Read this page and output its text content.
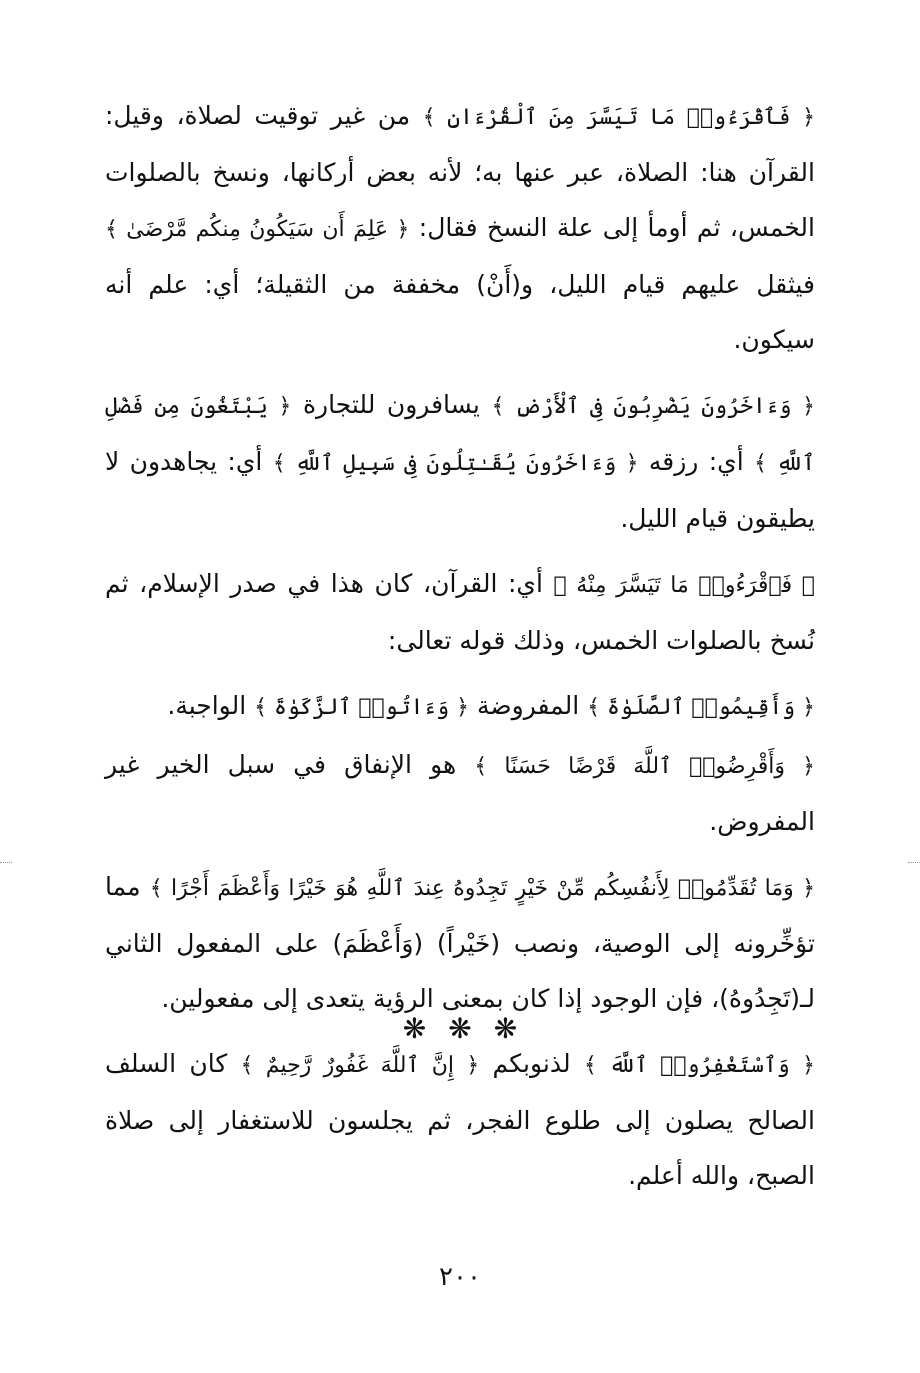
﴿ فَٱقْرَءُوا۟ مَا تَيَسَّرَ مِنَ ٱلْقُرْءَانِ ﴾ من غير توقيت لصلاة، وقيل: القرآن هنا: الصلاة، عبر عنها به؛ لأنه بعض أركانها، ونسخ بالصلوات الخمس، ثم أومأ إلى علة النسخ فقال: ﴿ عَلِمَ أَن سَيَكُونُ مِنكُم مَّرْضَىٰ ﴾ فيثقل عليهم قيام الليل، و(أَنْ) مخففة من الثقيلة؛ أي: علم أنه سيكون.

﴿ وَءَاخَرُونَ يَضْرِبُونَ فِى ٱلْأَرْضِ ﴾ يسافرون للتجارة ﴿ يَبْتَغُونَ مِن فَضْلِ ٱللَّهِ ﴾ أي: رزقه ﴿ وَءَاخَرُونَ يُقَـٰتِلُونَ فِى سَبِيلِ ٱللَّهِ ﴾ أي: يجاهدون لا يطيقون قيام الليل.

﴿ فَٱقْرَءُوا۟ مَا تَيَسَّرَ مِنْهُ ﴾ أي: القرآن، كان هذا في صدر الإسلام، ثم نُسخ بالصلوات الخمس، وذلك قوله تعالى:

﴿ وَأَقِيمُوا۟ ٱلصَّلَوٰةَ ﴾ المفروضة ﴿ وَءَاتُوا۟ ٱلزَّكَوٰةَ ﴾ الواجبة.

﴿ وَأَقْرِضُوا۟ ٱللَّهَ قَرْضًا حَسَنًا ﴾ هو الإنفاق في سبل الخير غير المفروض.

﴿ وَمَا تُقَدِّمُوا۟ لِأَنفُسِكُم مِّنْ خَيْرٍ تَجِدُوهُ عِندَ ٱللَّهِ هُوَ خَيْرًا وَأَعْظَمَ أَجْرًا ﴾ مما تؤخِّرونه إلى الوصية، ونصب (خَيْراً) (وَأَعْظَمَ) على المفعول الثاني لـ(تَجِدُوهُ)، فإن الوجود إذا كان بمعنى الرؤية يتعدى إلى مفعولين.

﴿ وَٱسْتَغْفِرُوا۟ ٱللَّهَ ﴾ لذنوبكم ﴿ إِنَّ ٱللَّهَ غَفُورٌ رَّحِيمٌ ﴾ كان السلف الصالح يصلون إلى طلوع الفجر، ثم يجلسون للاستغفار إلى صلاة الصبح، والله أعلم.

❋❋❋
٢٠٠
